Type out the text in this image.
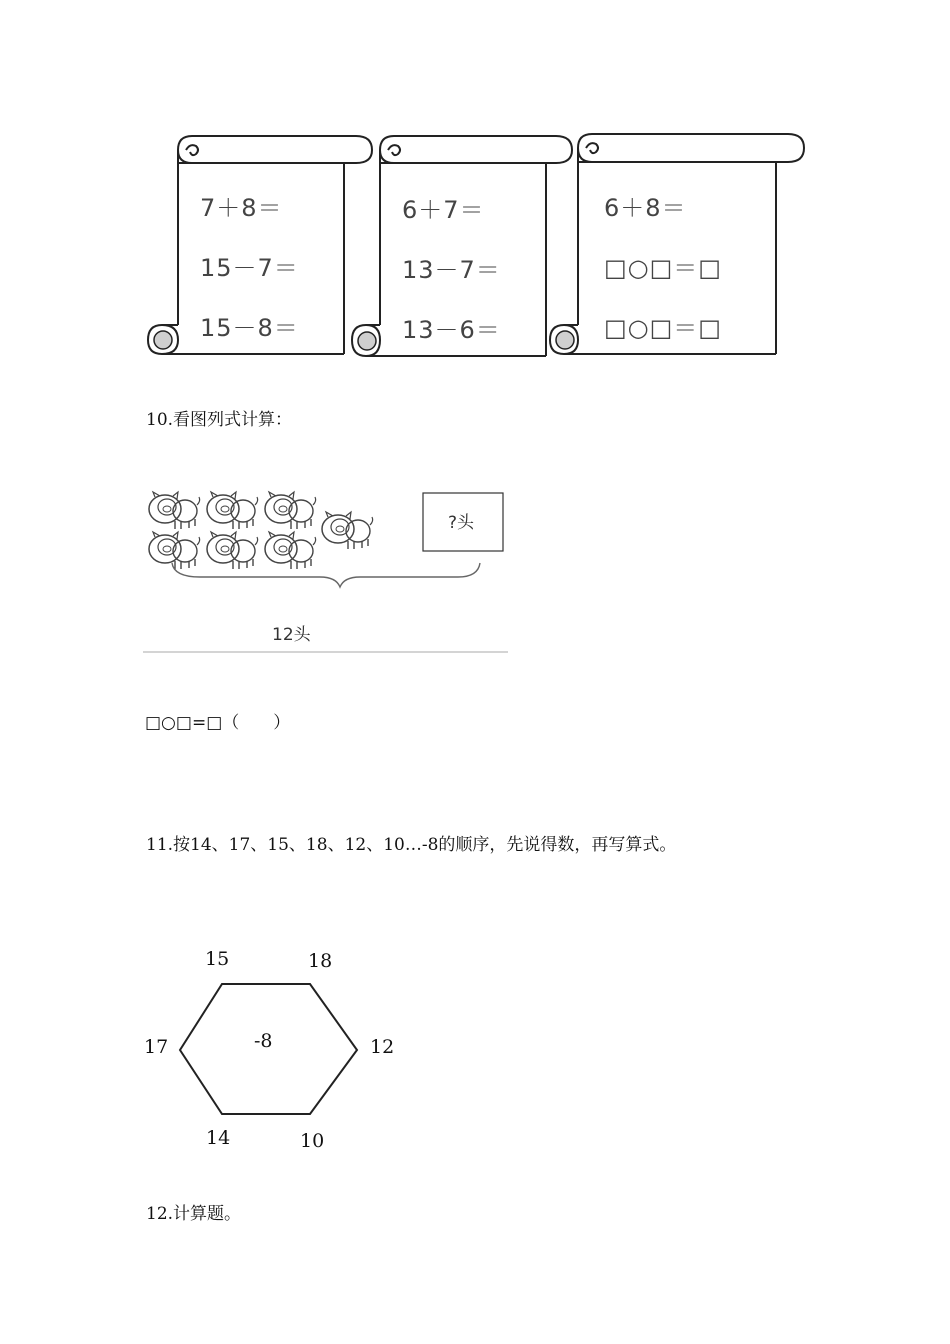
7＋8＝
15－7＝
15－8＝
6＋7＝
13－7＝
13－6＝
6＋8＝
□○□＝□
□○□＝□
10.看图列式计算：
?头
12头
□○□=□（　　）
11.按14、17、15、18、12、10…-8的顺序，先说得数，再写算式。
-8
15	18
17	12
14	10
12.计算题。
